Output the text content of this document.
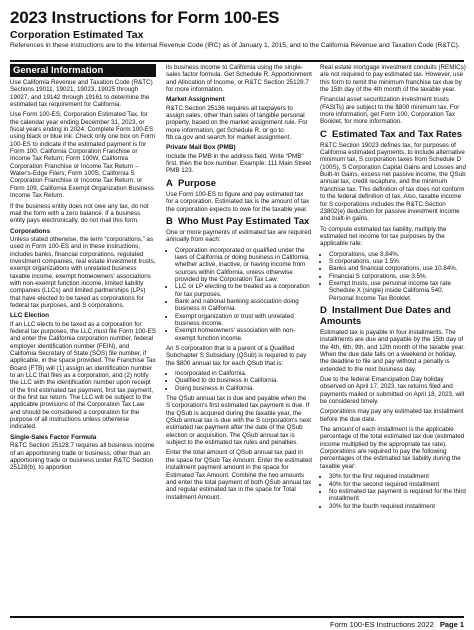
2023 Instructions for Form 100-ES
Corporation Estimated Tax
References in these instructions are to the Internal Revenue Code (IRC) as of January 1, 2015, and to the California Revenue and Taxation Code (R&TC).
General Information

Use California Revenue and Taxation Code (R&TC) Sections 19011, 19021, 19023, 19025 through 19027, and 19142 through 19161 to determine the estimated tax requirement for California.

Use Form 100-ES, Corporation Estimated Tax, for the calendar year ending December 31, 2023, or fiscal years ending in 2024. Complete Form 100-ES using black or blue ink. Check only one box on Form 100-ES to indicate if the estimated payment is for Form 100, California Corporation Franchise or Income Tax Return; Form 100W, California Corporation Franchise or Income Tax Return – Water's-Edge Filers; Form 100S, California S Corporation Franchise or Income Tax Return; or Form 109, California Exempt Organization Business Income Tax Return.

If the business entity does not owe any tax, do not mail the form with a zero balance. If a business entity pays electronically, do not mail this form.

Corporations

Unless stated otherwise, the term “corporations,” as used in Form 100-ES and in these instructions, includes banks, financial corporations, regulated investment companies, real estate investment trusts, exempt organizations with unrelated business taxable income, exempt homeowners' associations with non-exempt function income, limited liability companies (LLCs) and limited partnerships (LPs) that have elected to be taxed as corporations for federal tax purposes, and S corporations.

LLC Election

If an LLC elects to be taxed as a corporation for federal tax purposes, the LLC must file Form 100-ES and enter the California corporation number, federal employer identification number (FEIN), and California Secretary of State (SOS) file number, if applicable, in the space provided. The Franchise Tax Board (FTB) will (1) assign an identification number to an LLC that files as a corporation, and (2) notify the LLC with the identification number upon receipt of the first estimated tax payment, first tax payment, or the first tax return. The LLC will be subject to the applicable provisions of the Corporation Tax Law and should be considered a corporation for the purpose of all instructions unless otherwise indicated.

Single-Sales Factor Formula

R&TC Section 25128.7 requires all business income of an apportioning trade or business, other than an apportioning trade or business under R&TC Section 25128(b), to apportion

its business income to California using the single-sales factor formula. Get Schedule R, Apportionment and Allocation of Income, or R&TC Section 25128.7 for more information.

Market Assignment

R&TC Section 25136 requires all taxpayers to assign sales, other than sales of tangible personal property, based on the market assignment rule. For more information, get Schedule R, or go to ftb.ca.gov and search for market assignment.

Private Mail Box (PMB)

Include the PMB in the address field. Write “PMB” first, then the box number. Example: 111 Main Street PMB 123.

A Purpose

Use Form 100-ES to figure and pay estimated tax for a corporation. Estimated tax is the amount of tax the corporation expects to owe for the taxable year.

B Who Must Pay Estimated Tax

One or more payments of estimated tax are required annually from each:

• Corporation incorporated or qualified under the laws of California or doing business in California, whether active, inactive, or having income from sources within California, unless otherwise provided by the Corporation Tax Law.
• LLC or LP electing to be treated as a corporation for tax purposes.
• Bank and national banking association doing business in California.
• Exempt organization or trust with unrelated business income.
• Exempt homeowners' association with non-exempt function income.

An S corporation that is a parent of a Qualified Subchapter S Subsidiary (QSub) is required to pay the $800 annual tax for each QSub that is:

• Incorporated in California.
• Qualified to do business in California.
• Doing business in California.

The QSub annual tax is due and payable when the S corporation's first estimated tax payment is due. If the QSub is acquired during the taxable year, the QSub annual tax is due with the S corporation's next estimated tax payment after the date of the QSub election or acquisition. The QSub annual tax is subject to the estimated tax rules and penalties.

Enter the total amount of QSub annual tax paid in the space for QSub Tax Amount. Enter the estimated installment payment amount in the space for Estimated Tax Amount. Combine the two amounts and enter the total payment of both QSub annual tax and regular estimated tax in the space for Total Installment Amount.

Real estate mortgage investment conduits (REMICs) are not required to pay estimated tax. However, use this form to remit the minimum franchise tax due by the 15th day of the 4th month of the taxable year.

Financial asset securitization investment trusts (FASITs) are subject to the $800 minimum tax. For more information, get Form 100, Corporation Tax Booklet, for more information.

C Estimated Tax and Tax Rates

R&TC Section 19023 defines tax, for purposes of California estimated payments, to include alternative minimum tax, S corporation taxes from Schedule D (100S), S Corporation Capital Gains and Losses and Built-In Gains, excess net passive income, the QSub annual tax, credit recapture, and the minimum franchise tax. This definition of tax does not conform to the federal definition of tax. Also, taxable income for S corporations includes the R&TC Section 23802(e) deduction for passive investment income and built-in gains.

To compute estimated tax liability, multiply the estimated net income for tax purposes by the applicable rate:

• Corporations, use 8.84%.
• S corporations, use 1.5%.
• Banks and financial corporations, use 10.84%.
• Financial S corporations, use 3.5%.
• Exempt trusts, use personal income tax rate Schedule X (single) inside California 540, Personal Income Tax Booklet.
D Installment Due Dates and Amounts

Estimated tax is payable in four installments. The installments are due and payable by the 15th day of the 4th, 6th, 9th, and 12th month of the taxable year. When the due date falls on a weekend or holiday, the deadline to file and pay without a penalty is extended to the next business day.

Due to the federal Emancipation Day holiday observed on April 17, 2023, tax returns filed and payments mailed or submitted on April 18, 2023, will be considered timely.

Corporations may pay any estimated tax installment before the due date.

The amount of each installment is the applicable percentage of the total estimated tax due (estimated income multiplied by the appropriate tax rate). Corporations are required to pay the following percentages of the estimated tax liability during the taxable year:

• 30% for the first required installment
• 40% for the second required installment
• No estimated tax payment is required for the third installment
• 30% for the fourth required installment
Form 100-ES Instructions 2022 Page 1
